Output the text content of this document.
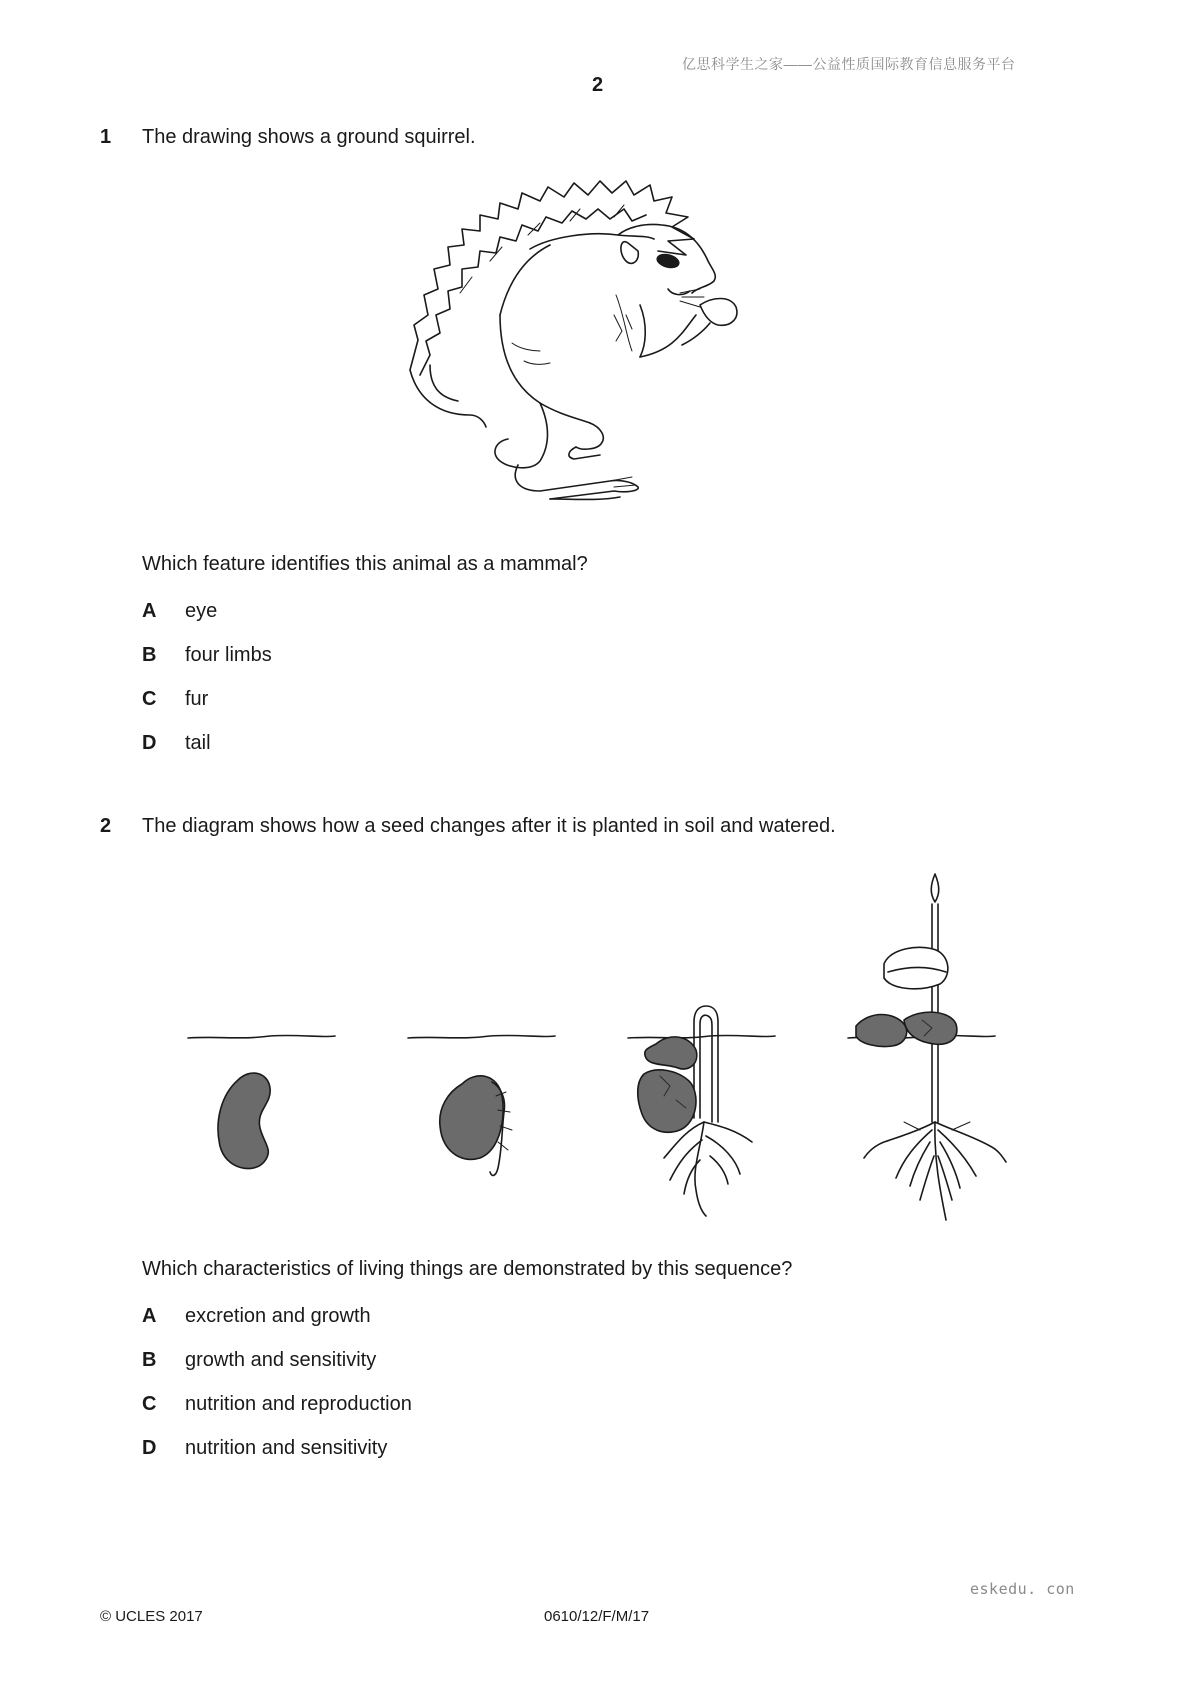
亿思科学生之家——公益性质国际教育信息服务平台
2
1 The drawing shows a ground squirrel.
Which feature identifies this animal as a mammal?
A eye
B four limbs
C fur
D tail
2 The diagram shows how a seed changes after it is planted in soil and watered.
Which characteristics of living things are demonstrated by this sequence?
A excretion and growth
B growth and sensitivity
C nutrition and reproduction
D nutrition and sensitivity
eskedu. con
© UCLES 2017	0610/12/F/M/17
